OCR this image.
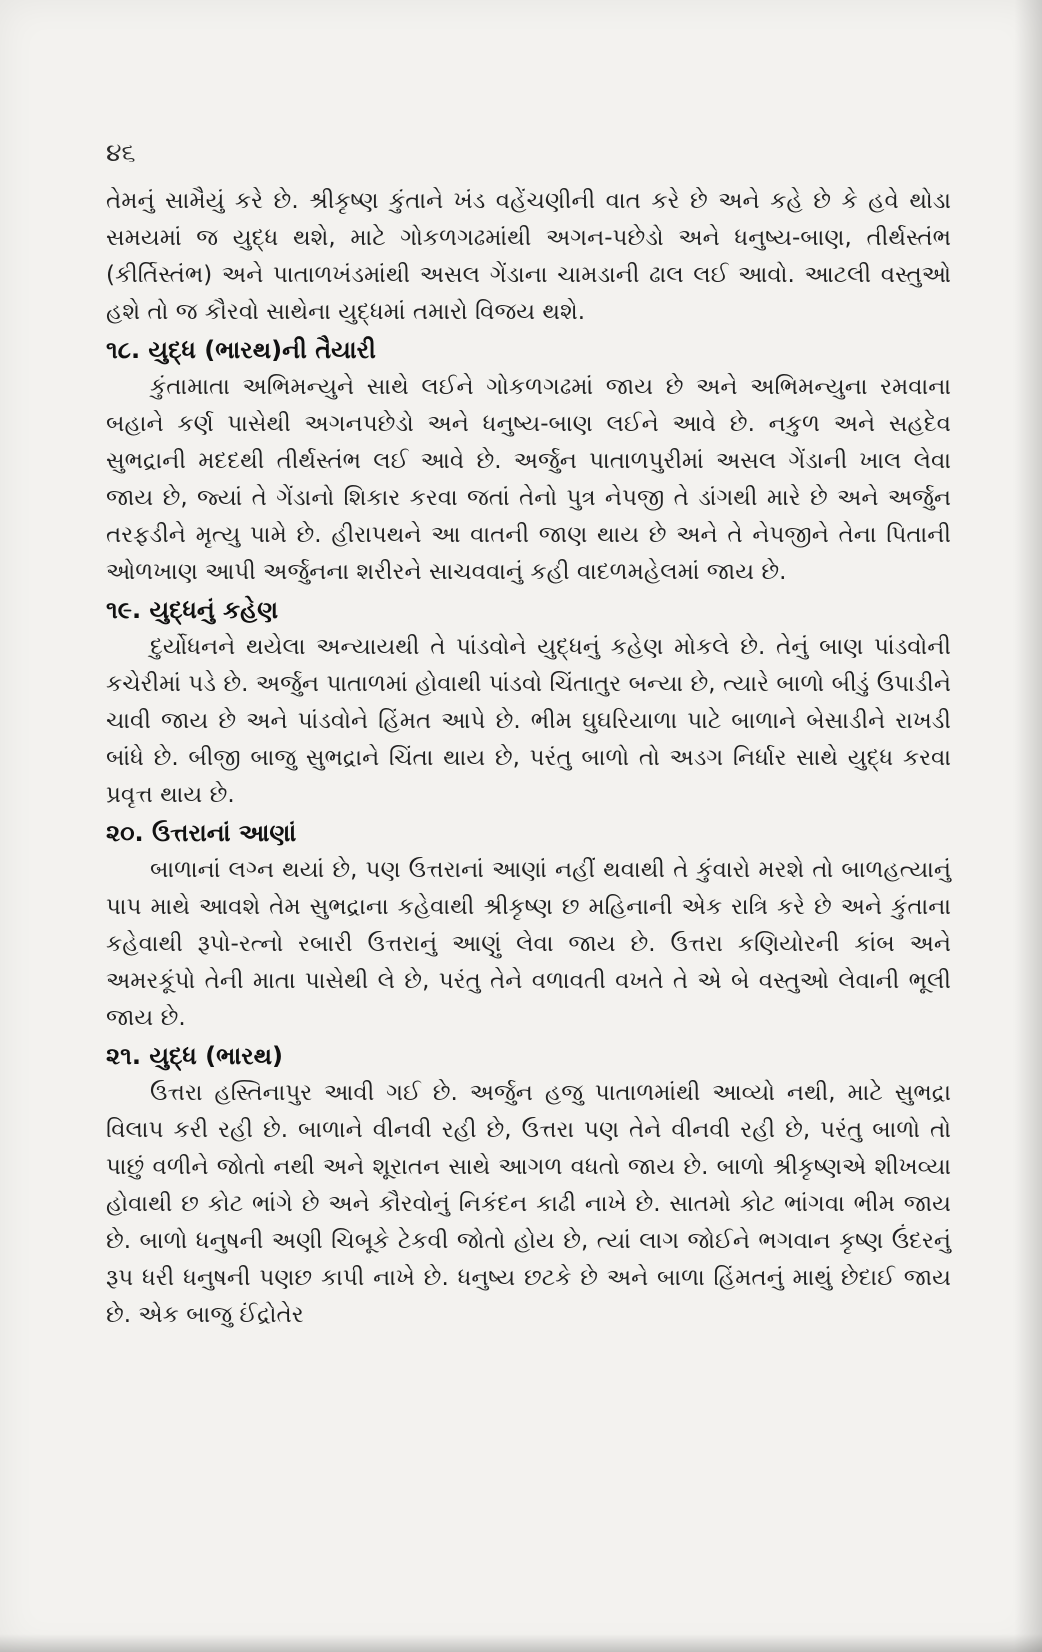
૪૬

તેમનું સામૈયું કરે છે. શ્રીકૃષ્ણ કુંતાને ખંડ વહેંચણીની વાત કરે છે અને કહે છે કે હવે થોડા સમયમાં જ યુદ્ધ થશે, માટે ગોકળગઢમાંથી અગન-પછેડો અને ધનુષ્ય-બાણ, તીર્થસ્તંભ (કીર્તિસ્તંભ) અને પાતાળખંડમાંથી અસલ ગેંડાના ચામડાની ઢાલ લઈ આવો. આટલી વસ્તુઓ હશે તો જ કૌરવો સાથેના યુદ્ધમાં તમારો વિજય થશે.

૧૮. યુદ્ધ (ભારથ)ની તૈયારી

કુંતામાતા અભિમન્યુને સાથે લઈને ગોકળગઢમાં જાય છે અને અભિમન્યુના રમવાના બહાને કર્ણ પાસેથી અગનપછેડો અને ધનુષ્ય-બાણ લઈને આવે છે. નકુળ અને સહદેવ સુભદ્રાની મદદથી તીર્થસ્તંભ લઈ આવે છે. અર્જુન પાતાળપુરીમાં અસલ ગેંડાની ખાલ લેવા જાય છે, જ્યાં તે ગેંડાનો શિકાર કરવા જતાં તેનો પુત્ર નેપજી તે ડાંગથી મારે છે અને અર્જુન તરફડીને મૃત્યુ પામે છે. હીરાપથને આ વાતની જાણ થાય છે અને તે નેપજીને તેના પિતાની ઓળખાણ આપી અર્જુનના શરીરને સાચવવાનું કહી વાદળમહેલમાં જાય છે.

૧૯. યુદ્ધનું કહેણ

દુર્યોધનને થયેલા અન્યાયથી તે પાંડવોને યુદ્ધનું કહેણ મોકલે છે. તેનું બાણ પાંડવોની કચેરીમાં પડે છે. અર્જુન પાતાળમાં હોવાથી પાંડવો ચિંતાતુર બન્યા છે, ત્યારે બાળો બીડું ઉપાડીને ચાવી જાય છે અને પાંડવોને હિંમત આપે છે. ભીમ ઘુઘરિયાળા પાટે બાળાને બેસાડીને રાખડી બાંધે છે. બીજી બાજુ સુભદ્રાને ચિંતા થાય છે, પરંતુ બાળો તો અડગ નિર્ધાર સાથે યુદ્ધ કરવા પ્રવૃત્ત થાય છે.

૨૦. ઉત્તરાનાં આણાં

બાળાનાં લગ્ન થયાં છે, પણ ઉત્તરાનાં આણાં નહીં થવાથી તે કુંવારો મરશે તો બાળહત્યાનું પાપ માથે આવશે તેમ સુભદ્રાના કહેવાથી શ્રીકૃષ્ણ છ મહિનાની એક રાત્રિ કરે છે અને કુંતાના કહેવાથી રૂપો-રત્નો રબારી ઉત્તરાનું આણું લેવા જાય છે. ઉત્તરા કણિયોરની કાંબ અને અમરકૂંપો તેની માતા પાસેથી લે છે, પરંતુ તેને વળાવતી વખતે તે એ બે વસ્તુઓ લેવાની ભૂલી જાય છે.

૨૧. યુદ્ધ (ભારથ)

ઉત્તરા હસ્તિનાપુર આવી ગઈ છે. અર્જુન હજુ પાતાળમાંથી આવ્યો નથી, માટે સુભદ્રા વિલાપ કરી રહી છે. બાળાને વીનવી રહી છે, ઉત્તરા પણ તેને વીનવી રહી છે, પરંતુ બાળો તો પાછું વળીને જોતો નથી અને શૂરાતન સાથે આગળ વધતો જાય છે. બાળો શ્રીકૃષ્ણએ શીખવ્યા હોવાથી છ કોટ ભાંગે છે અને કૌરવોનું નિકંદન કાઢી નાખે છે. સાતમો કોટ ભાંગવા ભીમ જાય છે. બાળો ધનુષની અણી ચિબૂકે ટેકવી જોતો હોય છે, ત્યાં લાગ જોઈને ભગવાન કૃષ્ણ ઉંદરનું રૂપ ધરી ધનુષની પણછ કાપી નાખે છે. ધનુષ્ય છટકે છે અને બાળા હિંમતનું માથું છેદાઈ જાય છે. એક બાજુ ઈંદ્રોતેર
